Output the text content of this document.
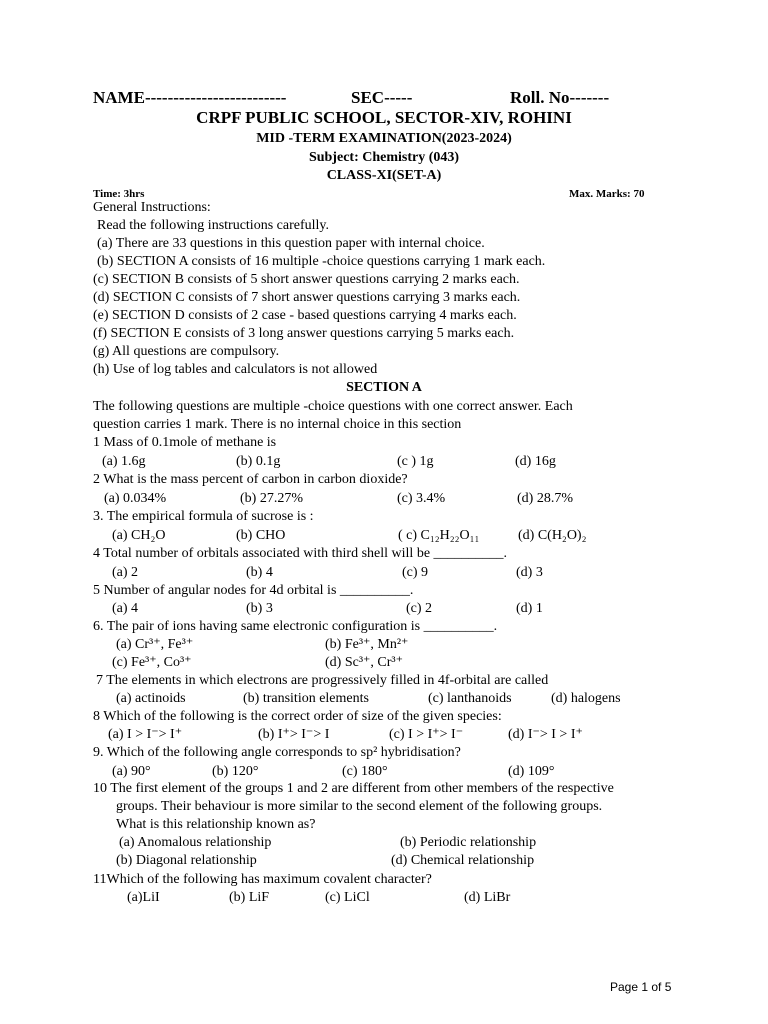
NAME-------------------------	SEC-----	Roll. No-------
CRPF PUBLIC SCHOOL, SECTOR-XIV, ROHINI
MID -TERM EXAMINATION(2023-2024)
Subject: Chemistry (043)
CLASS-XI(SET-A)
Time: 3hrs	Max. Marks: 70
General Instructions:
Read the following instructions carefully.
(a) There are 33 questions in this question paper with internal choice.
(b) SECTION A consists of 16 multiple -choice questions carrying 1 mark each.
(c) SECTION B consists of 5 short answer questions carrying 2 marks each.
(d) SECTION C consists of 7 short answer questions carrying 3 marks each.
(e) SECTION D consists of 2 case - based questions carrying 4 marks each.
(f) SECTION E consists of 3 long answer questions carrying 5 marks each.
(g) All questions are compulsory.
(h) Use of log tables and calculators is not allowed
SECTION A
The following questions are multiple -choice questions with one correct answer. Each
question carries 1 mark. There is no internal choice in this section
1 Mass of 0.1mole of methane is
(a) 1.6g	(b) 0.1g	(c ) 1g	(d) 16g
2 What is the mass percent of carbon in carbon dioxide?
(a) 0.034%	(b) 27.27%	(c) 3.4%	(d) 28.7%
3. The empirical formula of sucrose is :
(a) CH₂O	(b) CHO	( c) C₁₂H₂₂O₁₁	(d) C(H₂O)₂
4 Total number of orbitals associated with third shell will be __________.
(a) 2	(b) 4	(c) 9	(d) 3
5 Number of angular nodes for 4d orbital is __________.
(a) 4	(b) 3	(c) 2	(d) 1
6. The pair of ions having same electronic configuration is __________.
(a) Cr³⁺, Fe³⁺	(b) Fe³⁺, Mn²⁺
(c) Fe³⁺, Co³⁺	(d) Sc³⁺, Cr³⁺
7 The elements in which electrons are progressively filled in 4f-orbital are called
(a) actinoids	(b) transition elements	(c) lanthanoids	(d) halogens
8 Which of the following is the correct order of size of the given species:
(a) I > I⁻> I⁺	(b) I⁺> I⁻> I	(c) I > I⁺> I⁻	(d) I⁻> I > I⁺
9. Which of the following angle corresponds to sp² hybridisation?
(a) 90°	(b) 120°	(c) 180°	(d) 109°
10 The first element of the groups 1 and 2 are different from other members of the respective
groups. Their behaviour is more similar to the second element of the following groups.
What is this relationship known as?
(a) Anomalous relationship	(b) Periodic relationship
(b) Diagonal relationship	(d) Chemical relationship
11Which of the following has maximum covalent character?
(a)LiI	(b) LiF	(c) LiCl	(d) LiBr
Page 1 of 5
